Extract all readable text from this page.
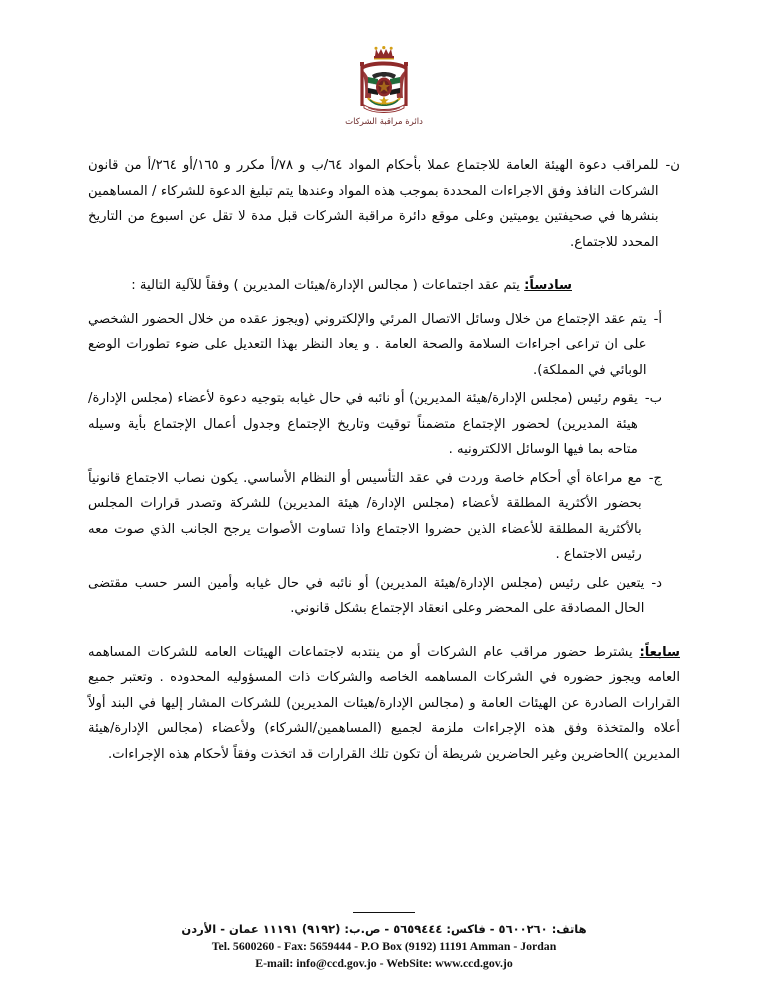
دائرة مراقبة الشركات
ن-
للمراقب دعوة الهيئة العامة للاجتماع عملا بأحكام المواد ٦٤/ب و ٧٨/أ مكرر و ١٦٥/أو ٢٦٤/أ من قانون الشركات النافذ وفق الاجراءات المحددة بموجب هذه المواد وعندها يتم تبليغ الدعوة للشركاء / المساهمين بنشرها في صحيفتين يوميتين وعلى موقع دائرة مراقبة الشركات قبل مدة لا تقل عن اسبوع من التاريخ المحدد للاجتماع.
سادساً: يتم عقد اجتماعات ( مجالس الإدارة/هيئات المديرين ) وفقاً للآلية التالية :
أ-
يتم عقد الإجتماع من خلال وسائل الاتصال المرئي والإلكتروني (ويجوز عقده من خلال الحضور الشخصي على ان تراعى اجراءات السلامة والصحة العامة . و يعاد النظر بهذا التعديل على ضوء تطورات الوضع الوبائي في المملكة).
ب-
يقوم رئيس (مجلس الإدارة/هيئة المديرين) أو نائبه في حال غيابه بتوجيه دعوة لأعضاء (مجلس الإدارة/هيئة المديرين) لحضور الإجتماع متضمناً توقيت وتاريخ الإجتماع وجدول أعمال الإجتماع بأية وسيله متاحه بما فيها الوسائل الالكترونيه .
ج-
مع مراعاة أي أحكام خاصة وردت في عقد التأسيس أو النظام الأساسي. يكون نصاب الاجتماع قانونياً بحضور الأكثرية المطلقة لأعضاء (مجلس الإدارة/ هيئة المديرين) للشركة وتصدر قرارات المجلس بالأكثرية المطلقة للأعضاء الذين حضروا الاجتماع واذا تساوت الأصوات يرجح الجانب الذي صوت معه رئيس الاجتماع .
د-
يتعين على رئيس (مجلس الإدارة/هيئة المديرين) أو نائبه في حال غيابه وأمين السر حسب مقتضى الحال المصادقة على المحضر وعلى انعقاد الإجتماع بشكل قانوني.
سابعاً: يشترط حضور مراقب عام الشركات أو من ينتدبه لاجتماعات الهيئات العامه للشركات المساهمه العامه ويجوز حضوره في الشركات المساهمه الخاصه والشركات ذات المسؤوليه المحدوده . وتعتبر جميع القرارات الصادرة عن الهيئات العامة و (مجالس الإدارة/هيئات المديرين) للشركات المشار إليها في البند أولاً أعلاه والمتخذة وفق هذه الإجراءات ملزمة لجميع (المساهمين/الشركاء) ولأعضاء (مجالس الإدارة/هيئة المديرين )الحاضرين وغير الحاضرين شريطة أن تكون تلك القرارات قد اتخذت وفقاً لأحكام هذه الإجراءات.
هاتف: ٥٦٠٠٢٦٠ - فاكس: ٥٦٥٩٤٤٤ - ص.ب: (٩١٩٢) ١١١٩١ عمان - الأردن
Tel. 5600260 - Fax: 5659444 - P.O Box (9192) 11191 Amman - Jordan
E-mail: info@ccd.gov.jo - WebSite: www.ccd.gov.jo
